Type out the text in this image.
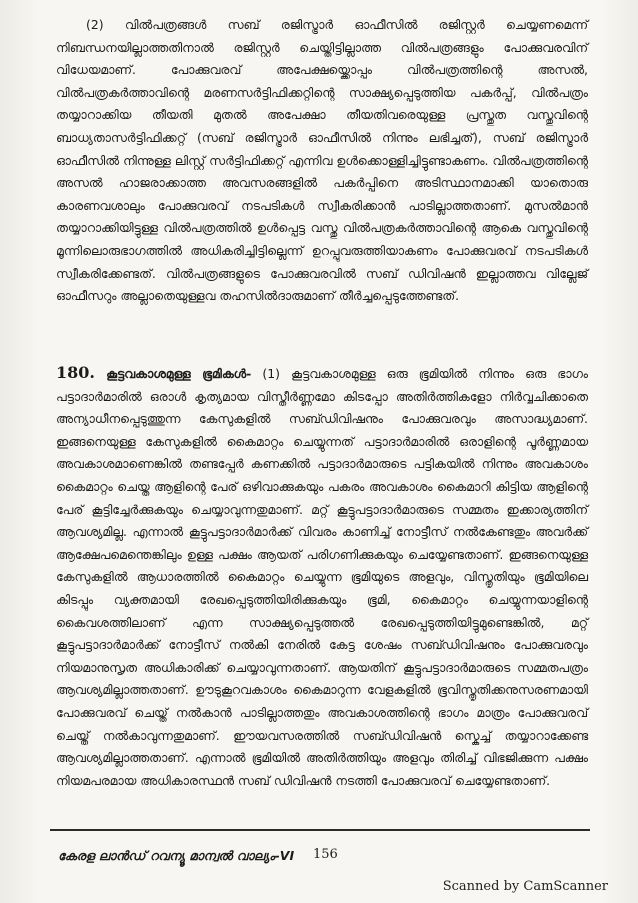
(2) വിൽപത്രങ്ങൾ സബ് രജിസ്ട്രാർ ഓഫീസിൽ രജിസ്റ്റർ ചെയ്യണമെന്ന് നിബന്ധനയില്ലാത്തതിനാൽ രജിസ്റ്റർ ചെയ്തിട്ടില്ലാത്ത വിൽപത്രങ്ങളും പോക്കുവരവിന് വിധേയമാണ്. പോക്കുവരവ് അപേക്ഷയ്ക്കൊപ്പം വിൽപത്രത്തിന്റെ അസൽ, വിൽപത്രകർത്താവിന്റെ മരണസർട്ടിഫിക്കറ്റിന്റെ സാക്ഷ്യപ്പെടുത്തിയ പകർപ്പ്, വിൽപത്രം തയ്യാറാക്കിയ തീയതി മുതൽ അപേക്ഷാ തീയതിവരെയുള്ള പ്രസ്തുത വസ്തുവിന്റെ ബാധ്യതാസർട്ടിഫിക്കറ്റ് (സബ് രജിസ്ട്രാർ ഓഫീസിൽ നിന്നും ലഭിച്ചത്), സബ് രജിസ്ട്രാർ ഓഫീസിൽ നിന്നുള്ള ലിസ്റ്റ് സർട്ടിഫിക്കറ്റ് എന്നിവ ഉൾക്കൊള്ളിച്ചിട്ടുണ്ടാകണം. വിൽപത്രത്തിന്റെ അസൽ ഹാജരാക്കാത്ത അവസരങ്ങളിൽ പകർപ്പിനെ അടിസ്ഥാനമാക്കി യാതൊരു കാരണവശാലും പോക്കുവരവ് നടപടികൾ സ്വീകരിക്കാൻ പാടില്ലാത്തതാണ്. മുസൽമാൻ തയ്യാറാക്കിയിട്ടുള്ള വിൽപത്രത്തിൽ ഉൾപ്പെട്ട വസ്തു വിൽപത്രകർത്താവിന്റെ ആകെ വസ്തുവിന്റെ മൂന്നിലൊരുഭാഗത്തിൽ അധികരിച്ചിട്ടില്ലെന്ന് ഉറപ്പുവരുത്തിയാകണം പോക്കുവരവ് നടപടികൾ സ്വീകരിക്കേണ്ടത്. വിൽപത്രങ്ങളുടെ പോക്കുവരവിൽ സബ് ഡിവിഷൻ ഇല്ലാത്തവ വില്ലേജ് ഓഫീസറും അല്ലാതെയുള്ളവ തഹസിൽദാരുമാണ് തീർച്ചപ്പെടുത്തേണ്ടത്.

180. കൂട്ടവകാശമുള്ള ഭൂമികൾ- (1) കൂട്ടവകാശമുള്ള ഒരു ഭൂമിയിൽ നിന്നും ഒരു ഭാഗം പട്ടാദാർമാരിൽ ഒരാൾ കൃത്യമായ വിസ്തീർണ്ണമോ കിടപ്പോ അതിർത്തികളോ നിർവ്വചിക്കാതെ അന്യാധീനപ്പെടുത്തുന്ന കേസുകളിൽ സബ്ഡിവിഷനും പോക്കുവരവും അസാദ്ധ്യമാണ്. ഇങ്ങനെയുള്ള കേസുകളിൽ കൈമാറ്റം ചെയ്യുന്നത് പട്ടാദാർമാരിൽ ഒരാളിന്റെ പൂർണ്ണമായ അവകാശമാണെങ്കിൽ തണ്ടപ്പേർ കണക്കിൽ പട്ടാദാർമാരുടെ പട്ടികയിൽ നിന്നും അവകാശം കൈമാറ്റം ചെയ്ത ആളിന്റെ പേര് ഒഴിവാക്കുകയും പകരം അവകാശം കൈമാറി കിട്ടിയ ആളിന്റെ പേര് കൂട്ടിച്ചേർക്കുകയും ചെയ്യാവുന്നതുമാണ്. മറ്റ് കൂട്ടുപട്ടാദാർമാരുടെ സമ്മതം ഇക്കാര്യത്തിന് ആവശ്യമില്ല. എന്നാൽ കൂട്ടുപട്ടാദാർമാർക്ക് വിവരം കാണിച്ച് നോട്ടീസ് നൽകേണ്ടതും അവർക്ക് ആക്ഷേപമെന്തെങ്കിലും ഉള്ള പക്ഷം ആയത് പരിഗണിക്കുകയും ചെയ്യേണ്ടതാണ്. ഇങ്ങനെയുള്ള കേസുകളിൽ ആധാരത്തിൽ കൈമാറ്റം ചെയ്യുന്ന ഭൂമിയുടെ അളവും, വിസ്തൃതിയും ഭൂമിയിലെ കിടപ്പും വ്യക്തമായി രേഖപ്പെടുത്തിയിരിക്കുകയും ഭൂമി, കൈമാറ്റം ചെയ്യുന്നയാളിന്റെ കൈവശത്തിലാണ് എന്ന സാക്ഷ്യപ്പെടുത്തൽ രേഖപ്പെടുത്തിയിട്ടുമുണ്ടെങ്കിൽ, മറ്റ് കൂട്ടുപട്ടാദാർമാർക്ക് നോട്ടീസ് നൽകി നേരിൽ കേട്ട ശേഷം സബ്ഡിവിഷനും പോക്കുവരവും നിയമാനുസൃത അധികാരിക്ക് ചെയ്യാവുന്നതാണ്. ആയതിന് കൂട്ടുപട്ടാദാർമാരുടെ സമ്മതപത്രം ആവശ്യമില്ലാത്തതാണ്. ഊടുകൂറവകാശം കൈമാറുന്ന വേളകളിൽ ഭൂവിസ്തൃതിക്കനുസരണമായി പോക്കുവരവ് ചെയ്ത് നൽകാൻ പാടില്ലാത്തതും അവകാശത്തിന്റെ ഭാഗം മാത്രം പോക്കുവരവ് ചെയ്ത് നൽകാവുന്നതുമാണ്. ഈയവസരത്തിൽ സബ്ഡിവിഷൻ സ്കെച്ച് തയ്യാറാക്കേണ്ട ആവശ്യമില്ലാത്തതാണ്. എന്നാൽ ഭൂമിയിൽ അതിർത്തിയും അളവും തിരിച്ച് വിഭജിക്കുന്ന പക്ഷം നിയമപരമായ അധികാരസ്ഥൻ സബ് ഡിവിഷൻ നടത്തി പോക്കുവരവ് ചെയ്യേണ്ടതാണ്.

കേരള ലാൻഡ് റവന്യൂ മാന്വൽ വാല്യം-VI 156
Scanned by CamScanner
